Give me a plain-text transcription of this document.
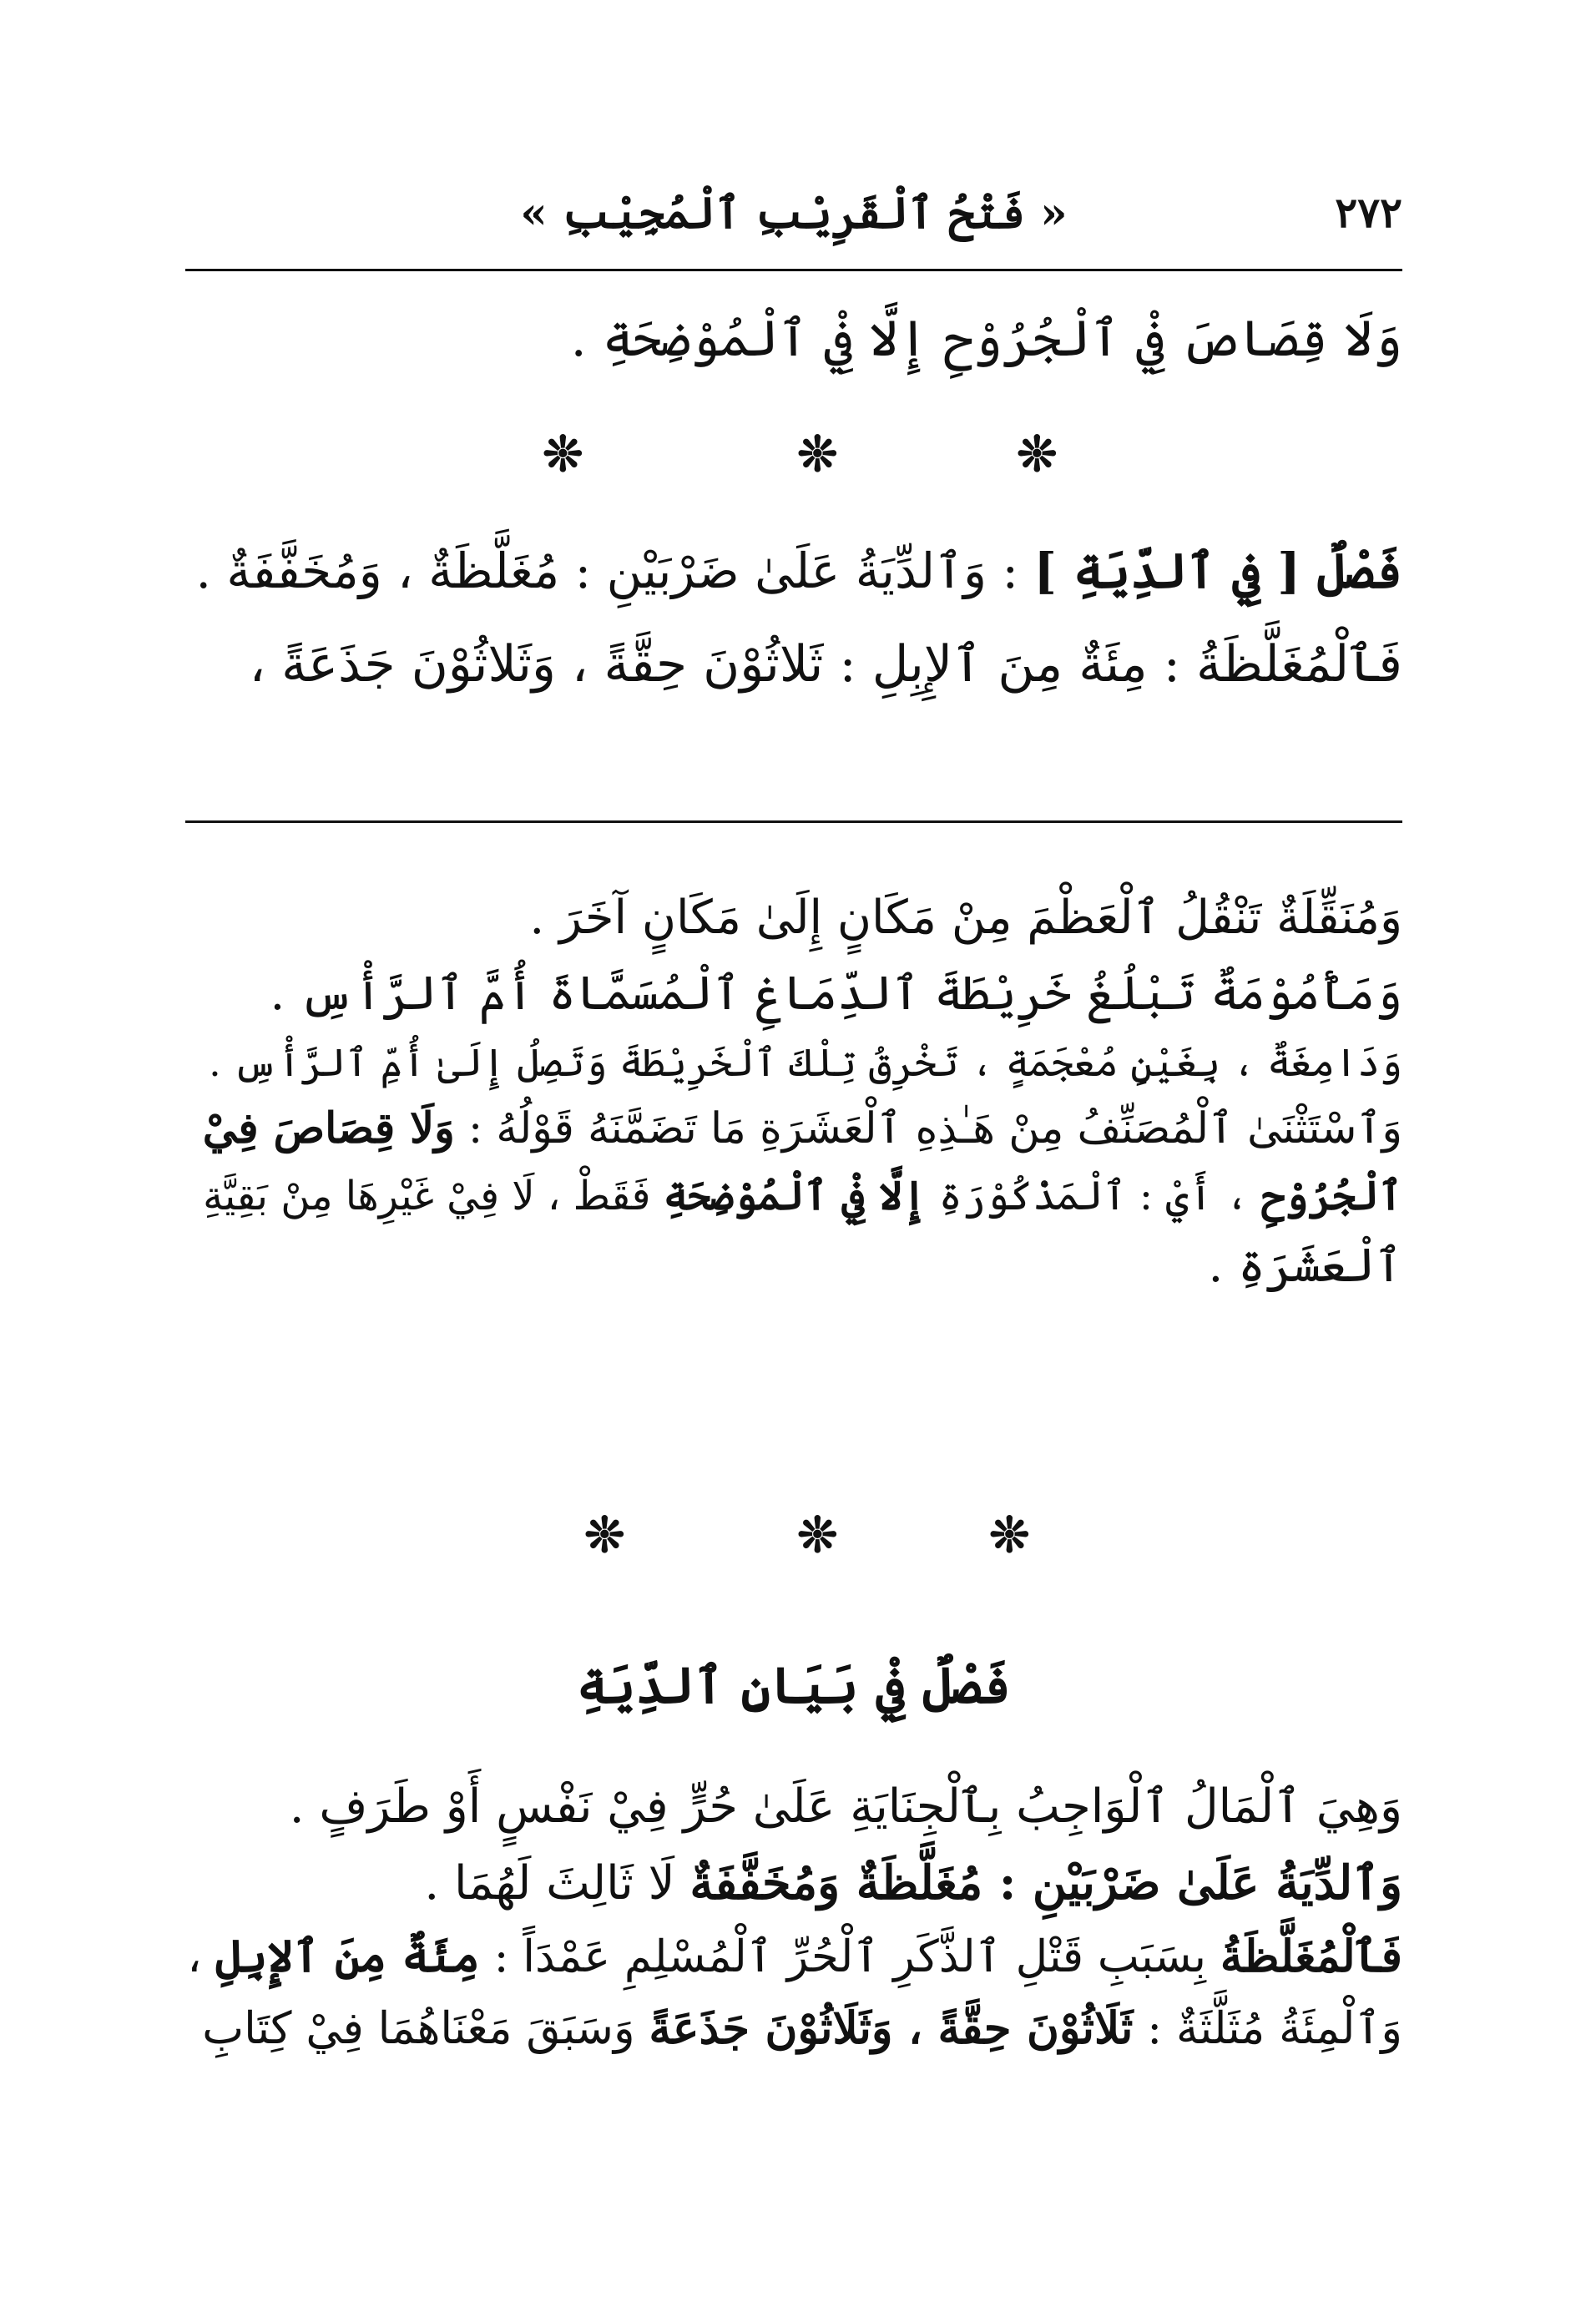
٢٧٢
« فَتْحُ ٱلْقَرِيْبِ ٱلْمُجِيْبِ »
وَلَا قِصَاصَ فِيْ ٱلْجُرُوْحِ إِلَّا فِيْ ٱلْمُوْضِحَةِ .
❊	❊	❊
فَصْلٌ [ فِي ٱلدِّيَةِ ] : وَٱلدِّيَةُ عَلَىٰ ضَرْبَيْنِ : مُغَلَّظَةٌ ، وَمُخَفَّفَةٌ .
فَٱلْمُغَلَّظَةُ : مِئَةٌ مِنَ ٱلإِبِلِ : ثَلاثُوْنَ حِقَّةً ، وَثَلاثُوْنَ جَذَعَةً ،
وَمُنَقِّلَةٌ تَنْقُلُ ٱلْعَظْمَ مِنْ مَكَانٍ إِلَىٰ مَكَانٍ آخَرَ .
وَمَأْمُوْمَةٌ تَبْلُغُ خَرِيْطَةَ ٱلدِّمَاغِ ٱلْمُسَمَّاةَ أُمَّ ٱلرَّأْسِ .
وَدَامِغَةٌ ، بِغَيْنٍ مُعْجَمَةٍ ، تَخْرِقُ تِلْكَ ٱلْخَرِيْطَةَ وَتَصِلُ إِلَىٰ أُمِّ ٱلرَّأْسِ .
وَٱسْتَثْنَىٰ ٱلْمُصَنِّفُ مِنْ هَـٰذِهِ ٱلْعَشَرَةِ مَا تَضَمَّنَهُ قَوْلُهُ : وَلَا قِصَاصَ فِيْ
ٱلْجُرُوْحِ ، أَيْ : ٱلْمَذْكُوْرَةِ إِلَّا فِيْ ٱلْمُوْضِحَةِ فَقَطْ ، لَا فِيْ غَيْرِهَا مِنْ بَقِيَّةِ
ٱلْعَشَرَةِ .
❊	❊	❊
فَصْلٌ فِيْ بَيَانِ ٱلدِّيَةِ
وَهِيَ ٱلْمَالُ ٱلْوَاجِبُ بِٱلْجِنَايَةِ عَلَىٰ حُرٍّ فِيْ نَفْسٍ أَوْ طَرَفٍ .
وَٱلدِّيَةُ عَلَىٰ ضَرْبَيْنِ : مُغَلَّظَةٌ وَمُخَفَّفَةٌ لَا ثَالِثَ لَهُمَا .
فَٱلْمُغَلَّظَةُ بِسَبَبِ قَتْلِ ٱلذَّكَرِ ٱلْحُرِّ ٱلْمُسْلِمِ عَمْدَاً : مِئَةٌ مِنَ ٱلإِبِلِ ،
وَٱلْمِئَةُ مُثَلَّثَةٌ : ثَلَاثُوْنَ حِقَّةً ، وَثَلَاثُوْنَ جَذَعَةً وَسَبَقَ مَعْنَاهُمَا فِيْ كِتَابِ
